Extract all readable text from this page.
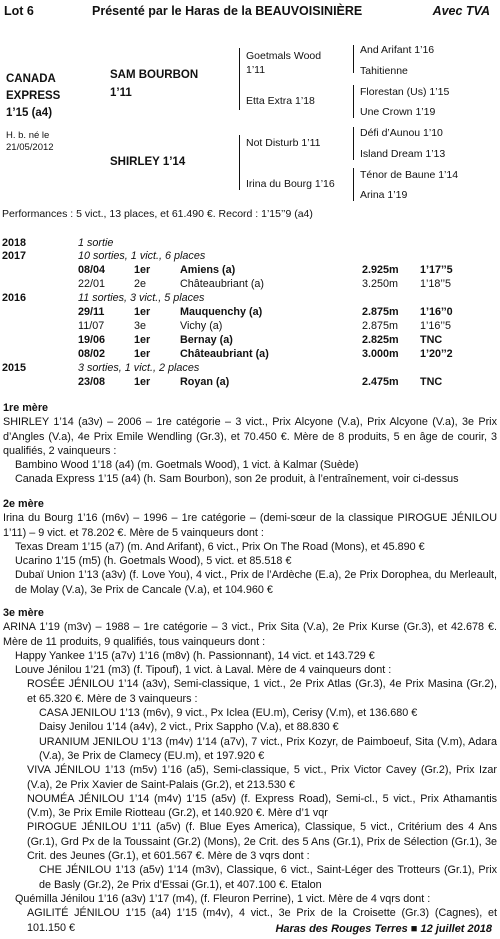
Lot 6	Présenté par le Haras de la BEAUVOISINIÈRE	Avec TVA
CANADA
EXPRESS
1’15 (a4)
H. b. né le
21/05/2012
SAM BOURBON
1’11
SHIRLEY 1’14
Goetmals Wood
1’11
Etta Extra 1’18
Not Disturb 1’11
Irina du Bourg 1’16
And Arifant 1’16
Tahitienne
Florestan (Us) 1’15
Une Crown 1’19
Défi d’Aunou 1’10
Island Dream 1’13
Ténor de Baune 1’14
Arina 1’19
Performances : 5 vict., 13 places, et 61.490 €. Record : 1’15’’9 (a4)
2018	1 sortie
2017	10 sorties, 1 vict., 6 places
08/04	1er	Amiens (a)	2.925m 1’17’’5
22/01	2e	Châteaubriant (a)	3.250m 1’18’’5
2016	11 sorties, 3 vict., 5 places
29/11	1er	Mauquenchy (a)	2.875m 1’16’’0
11/07	3e	Vichy (a)	2.875m 1’16’’5
19/06	1er	Bernay (a)	2.825m TNC
08/02	1er	Châteaubriant (a)	3.000m 1’20’’2
2015	3 sorties, 1 vict., 2 places
23/08	1er	Royan (a)	2.475m TNC

1re mère

SHIRLEY 1’14 (a3v) – 2006 – 1re catégorie – 3 vict., Prix Alcyone (V.a), Prix Alcyone (V.a), 3e Prix d’Angles (V.a), 4e Prix Emile Wendling (Gr.3), et 70.450 €. Mère de 8 produits, 5 en âge de courir, 3 qualifiés, 2 vainqueurs :

Bambino Wood 1’18 (a4) (m. Goetmals Wood), 1 vict. à Kalmar (Suède)

Canada Express 1’15 (a4) (h. Sam Bourbon), son 2e produit, à l’entraînement, voir ci-dessus

2e mère

Irina du Bourg 1’16 (m6v) – 1996 – 1re catégorie – (demi-sœur de la classique PIROGUE JÉNILOU 1’11) – 9 vict. et 78.202 €. Mère de 5 vainqueurs dont :

Texas Dream 1’15 (a7) (m. And Arifant), 6 vict., Prix On The Road (Mons), et 45.890 €

Ucarino 1’15 (m5) (h. Goetmals Wood), 5 vict. et 85.518 €

Dubaï Union 1’13 (a3v) (f. Love You), 4 vict., Prix de l’Ardèche (E.a), 2e Prix Dorophea, du Merleault, de Molay (V.a), 3e Prix de Cancale (V.a), et 104.960 €

3e mère

ARINA 1’19 (m3v) – 1988 – 1re catégorie – 3 vict., Prix Sita (V.a), 2e Prix Kurse (Gr.3), et 42.678 €. Mère de 11 produits, 9 qualifiés, tous vainqueurs dont :

Happy Yankee 1’15 (a7v) 1’16 (m8v) (h. Passionnant), 14 vict. et 143.729 €

Louve Jénilou 1’21 (m3) (f. Tipouf), 1 vict. à Laval. Mère de 4 vainqueurs dont :

ROSÉE JÉNILOU 1’14 (a3v), Semi-classique, 1 vict., 2e Prix Atlas (Gr.3), 4e Prix Masina (Gr.2), et 65.320 €. Mère de 3 vainqueurs :

CASA JENILOU 1’13 (m6v), 9 vict., Px Iclea (EU.m), Cerisy (V.m), et 136.680 €

Daisy Jenilou 1’14 (a4v), 2 vict., Prix Sappho (V.a), et 88.830 €

URANIUM JENILOU 1’13 (m4v) 1’14 (a7v), 7 vict., Prix Kozyr, de Paimboeuf, Sita (V.m), Adara (V.a), 3e Prix de Clamecy (EU.m), et 197.920 €

VIVA JÉNILOU 1’13 (m5v) 1’16 (a5), Semi-classique, 5 vict., Prix Victor Cavey (Gr.2), Prix Izar (V.a), 2e Prix Xavier de Saint-Palais (Gr.2), et 213.530 €

NOUMÉA JÉNILOU 1’14 (m4v) 1’15 (a5v) (f. Express Road), Semi-cl., 5 vict., Prix Athamantis (V.m), 3e Prix Emile Riotteau (Gr.2), et 140.920 €. Mère d’1 vqr

PIROGUE JÉNILOU 1’11 (a5v) (f. Blue Eyes America), Classique, 5 vict., Critérium des 4 Ans (Gr.1), Grd Px de la Toussaint (Gr.2) (Mons), 2e Crit. des 5 Ans (Gr.1), Prix de Sélection (Gr.1), 3e Crit. des Jeunes (Gr.1), et 601.567 €. Mère de 3 vqrs dont :

CHE JÉNILOU 1’13 (a5v) 1’14 (m3v), Classique, 6 vict., Saint-Léger des Trotteurs (Gr.1), Prix de Basly (Gr.2), 2e Prix d’Essai (Gr.1), et 407.100 €. Etalon

Quémilla Jénilou 1’16 (a3v) 1’17 (m4), (f. Fleuron Perrine), 1 vict. Mère de 4 vqrs dont :

AGILITÉ JÉNILOU 1’15 (a4) 1’15 (m4v), 4 vict., 3e Prix de la Croisette (Gr.3) (Cagnes), et 101.150 €	Haras des Rouges Terres ■ 12 juillet 2018
